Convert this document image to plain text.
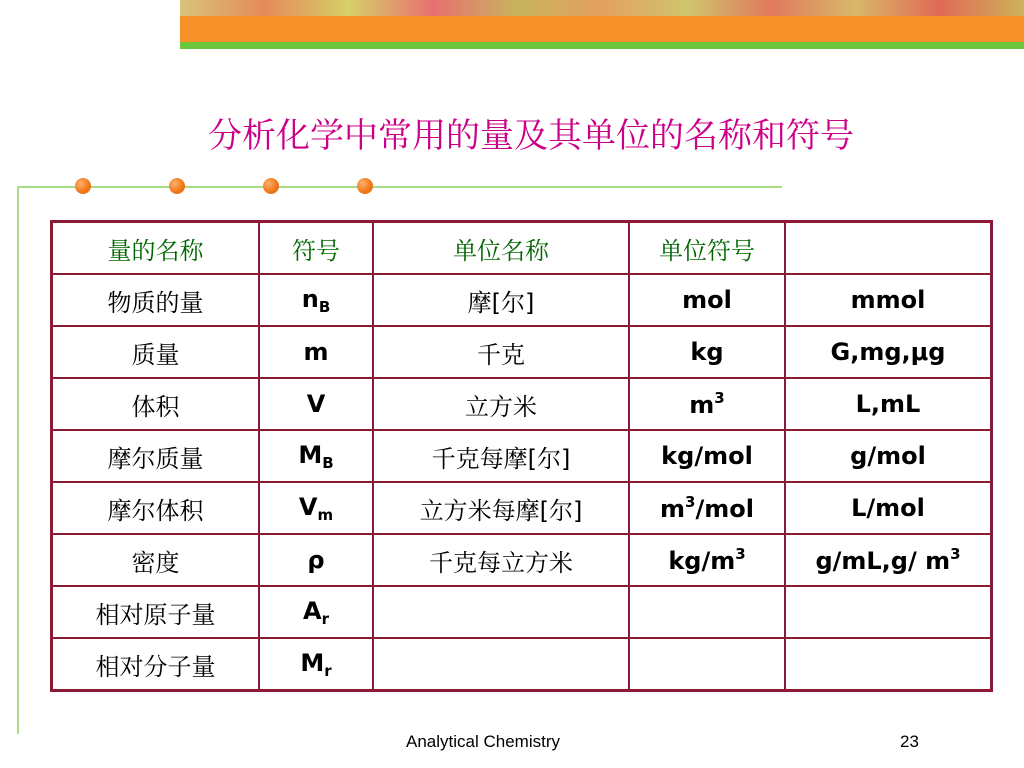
分析化学中常用的量及其单位的名称和符号
量的名称	符号	单位名称	单位符号	
物质的量	$n_B$	摩[尔]	mol	mmol
质量	m	千克	kg	G,mg,μg
体积	V	立方米	$m^3$	L,mL
摩尔质量	$M_B$	千克每摩[尔]	kg/mol	g/mol
摩尔体积	$V_m$	立方米每摩[尔]	$m^3$/mol	L/mol
密度	ρ	千克每立方米	$kg/m^3$	g/mL,g/ $m^3$
相对原子量	$A_r$			
相对分子量	$M_r$			
Analytical Chemistry	23
